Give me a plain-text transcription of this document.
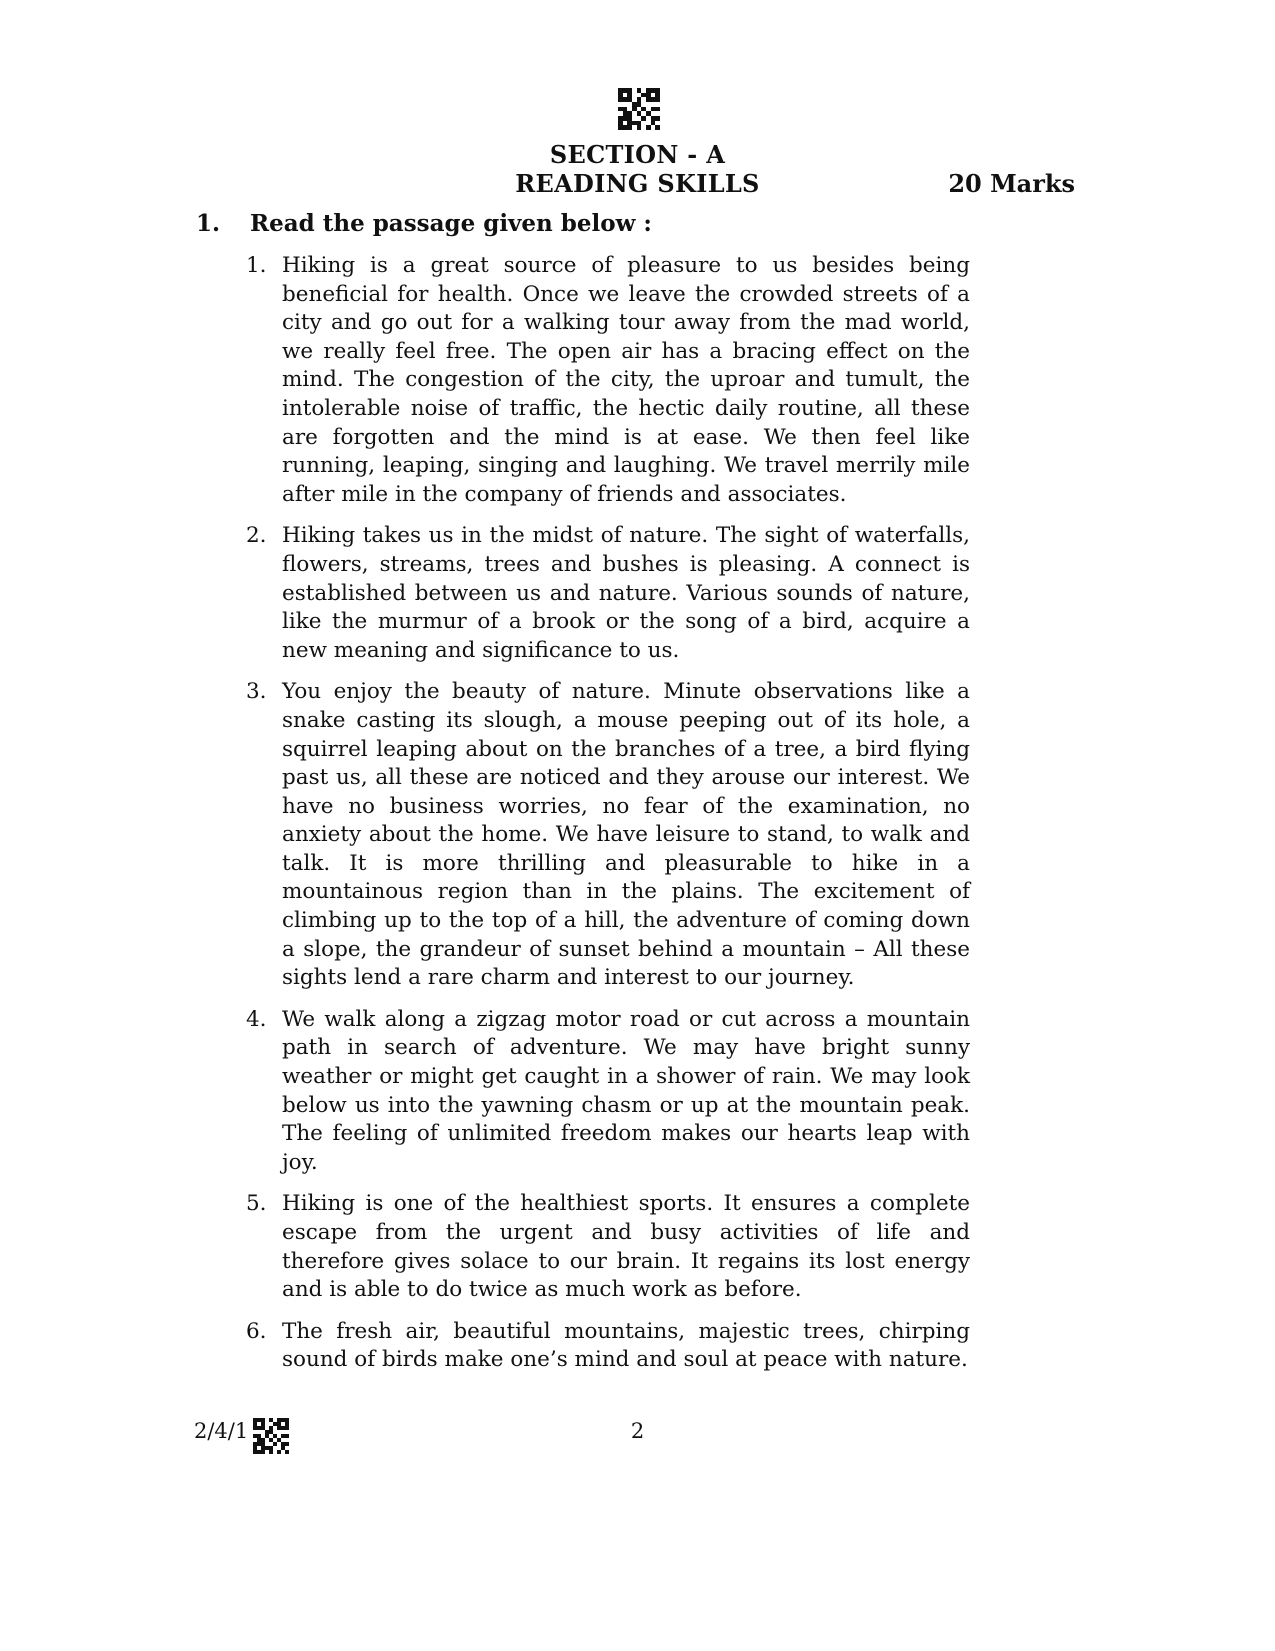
SECTION - A
READING SKILLS	20 Marks
1. Read the passage given below :
1. Hiking is a great source of pleasure to us besides being beneficial for health. Once we leave the crowded streets of a city and go out for a walking tour away from the mad world, we really feel free. The open air has a bracing effect on the mind. The congestion of the city, the uproar and tumult, the intolerable noise of traffic, the hectic daily routine, all these are forgotten and the mind is at ease. We then feel like running, leaping, singing and laughing. We travel merrily mile after mile in the company of friends and associates.
2. Hiking takes us in the midst of nature. The sight of waterfalls, flowers, streams, trees and bushes is pleasing. A connect is established between us and nature. Various sounds of nature, like the murmur of a brook or the song of a bird, acquire a new meaning and significance to us.
3. You enjoy the beauty of nature. Minute observations like a snake casting its slough, a mouse peeping out of its hole, a squirrel leaping about on the branches of a tree, a bird flying past us, all these are noticed and they arouse our interest. We have no business worries, no fear of the examination, no anxiety about the home. We have leisure to stand, to walk and talk. It is more thrilling and pleasurable to hike in a mountainous region than in the plains. The excitement of climbing up to the top of a hill, the adventure of coming down a slope, the grandeur of sunset behind a mountain – All these sights lend a rare charm and interest to our journey.
4. We walk along a zigzag motor road or cut across a mountain path in search of adventure. We may have bright sunny weather or might get caught in a shower of rain. We may look below us into the yawning chasm or up at the mountain peak. The feeling of unlimited freedom makes our hearts leap with joy.
5. Hiking is one of the healthiest sports. It ensures a complete escape from the urgent and busy activities of life and therefore gives solace to our brain. It regains its lost energy and is able to do twice as much work as before.
6. The fresh air, beautiful mountains, majestic trees, chirping sound of birds make one’s mind and soul at peace with nature.
2/4/1	2
